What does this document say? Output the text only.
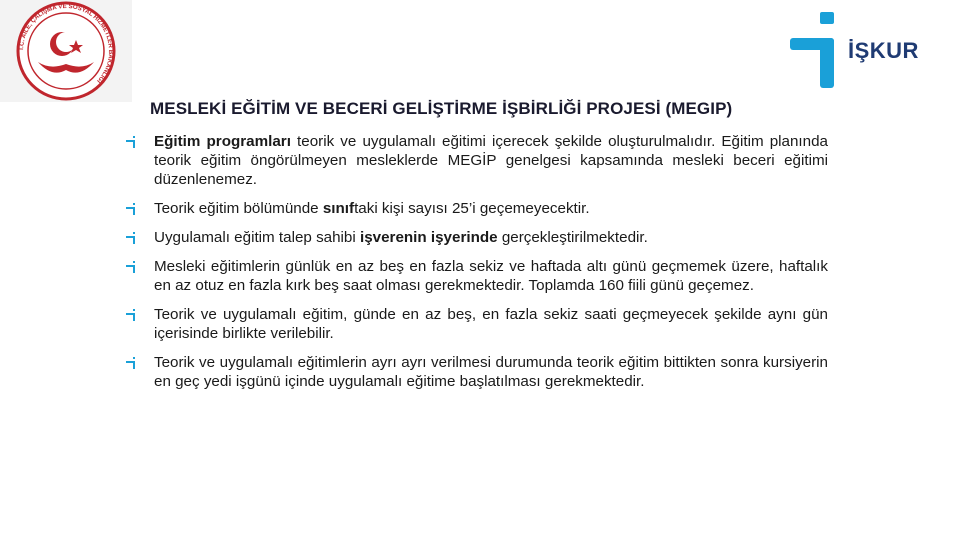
T.C. AİLE, ÇALIŞMA VE SOSYAL HİZMETLER BAKANLIĞI
İŞKUR
MESLEKİ EĞİTİM VE BECERİ GELİŞTİRME İŞBİRLİĞİ PROJESİ (MEGIP)
Eğitim programları teorik ve uygulamalı eğitimi içerecek şekilde oluşturulmalıdır. Eğitim planında teorik eğitim öngörülmeyen mesleklerde MEGİP genelgesi kapsamında mesleki beceri eğitimi düzenlenemez.
Teorik eğitim bölümünde sınıftaki kişi sayısı 25’i geçemeyecektir.
Uygulamalı eğitim talep sahibi işverenin işyerinde gerçekleştirilmektedir.
Mesleki eğitimlerin günlük en az beş en fazla sekiz ve haftada altı günü geçmemek üzere, haftalık en az otuz en fazla kırk beş saat olması gerekmektedir. Toplamda 160 fiili günü geçemez.
Teorik ve uygulamalı eğitim, günde en az beş, en fazla sekiz saati geçmeyecek şekilde aynı gün içerisinde birlikte verilebilir.
Teorik ve uygulamalı eğitimlerin ayrı ayrı verilmesi durumunda teorik eğitim bittikten sonra kursiyerin en geç yedi işgünü içinde uygulamalı eğitime başlatılması gerekmektedir.
